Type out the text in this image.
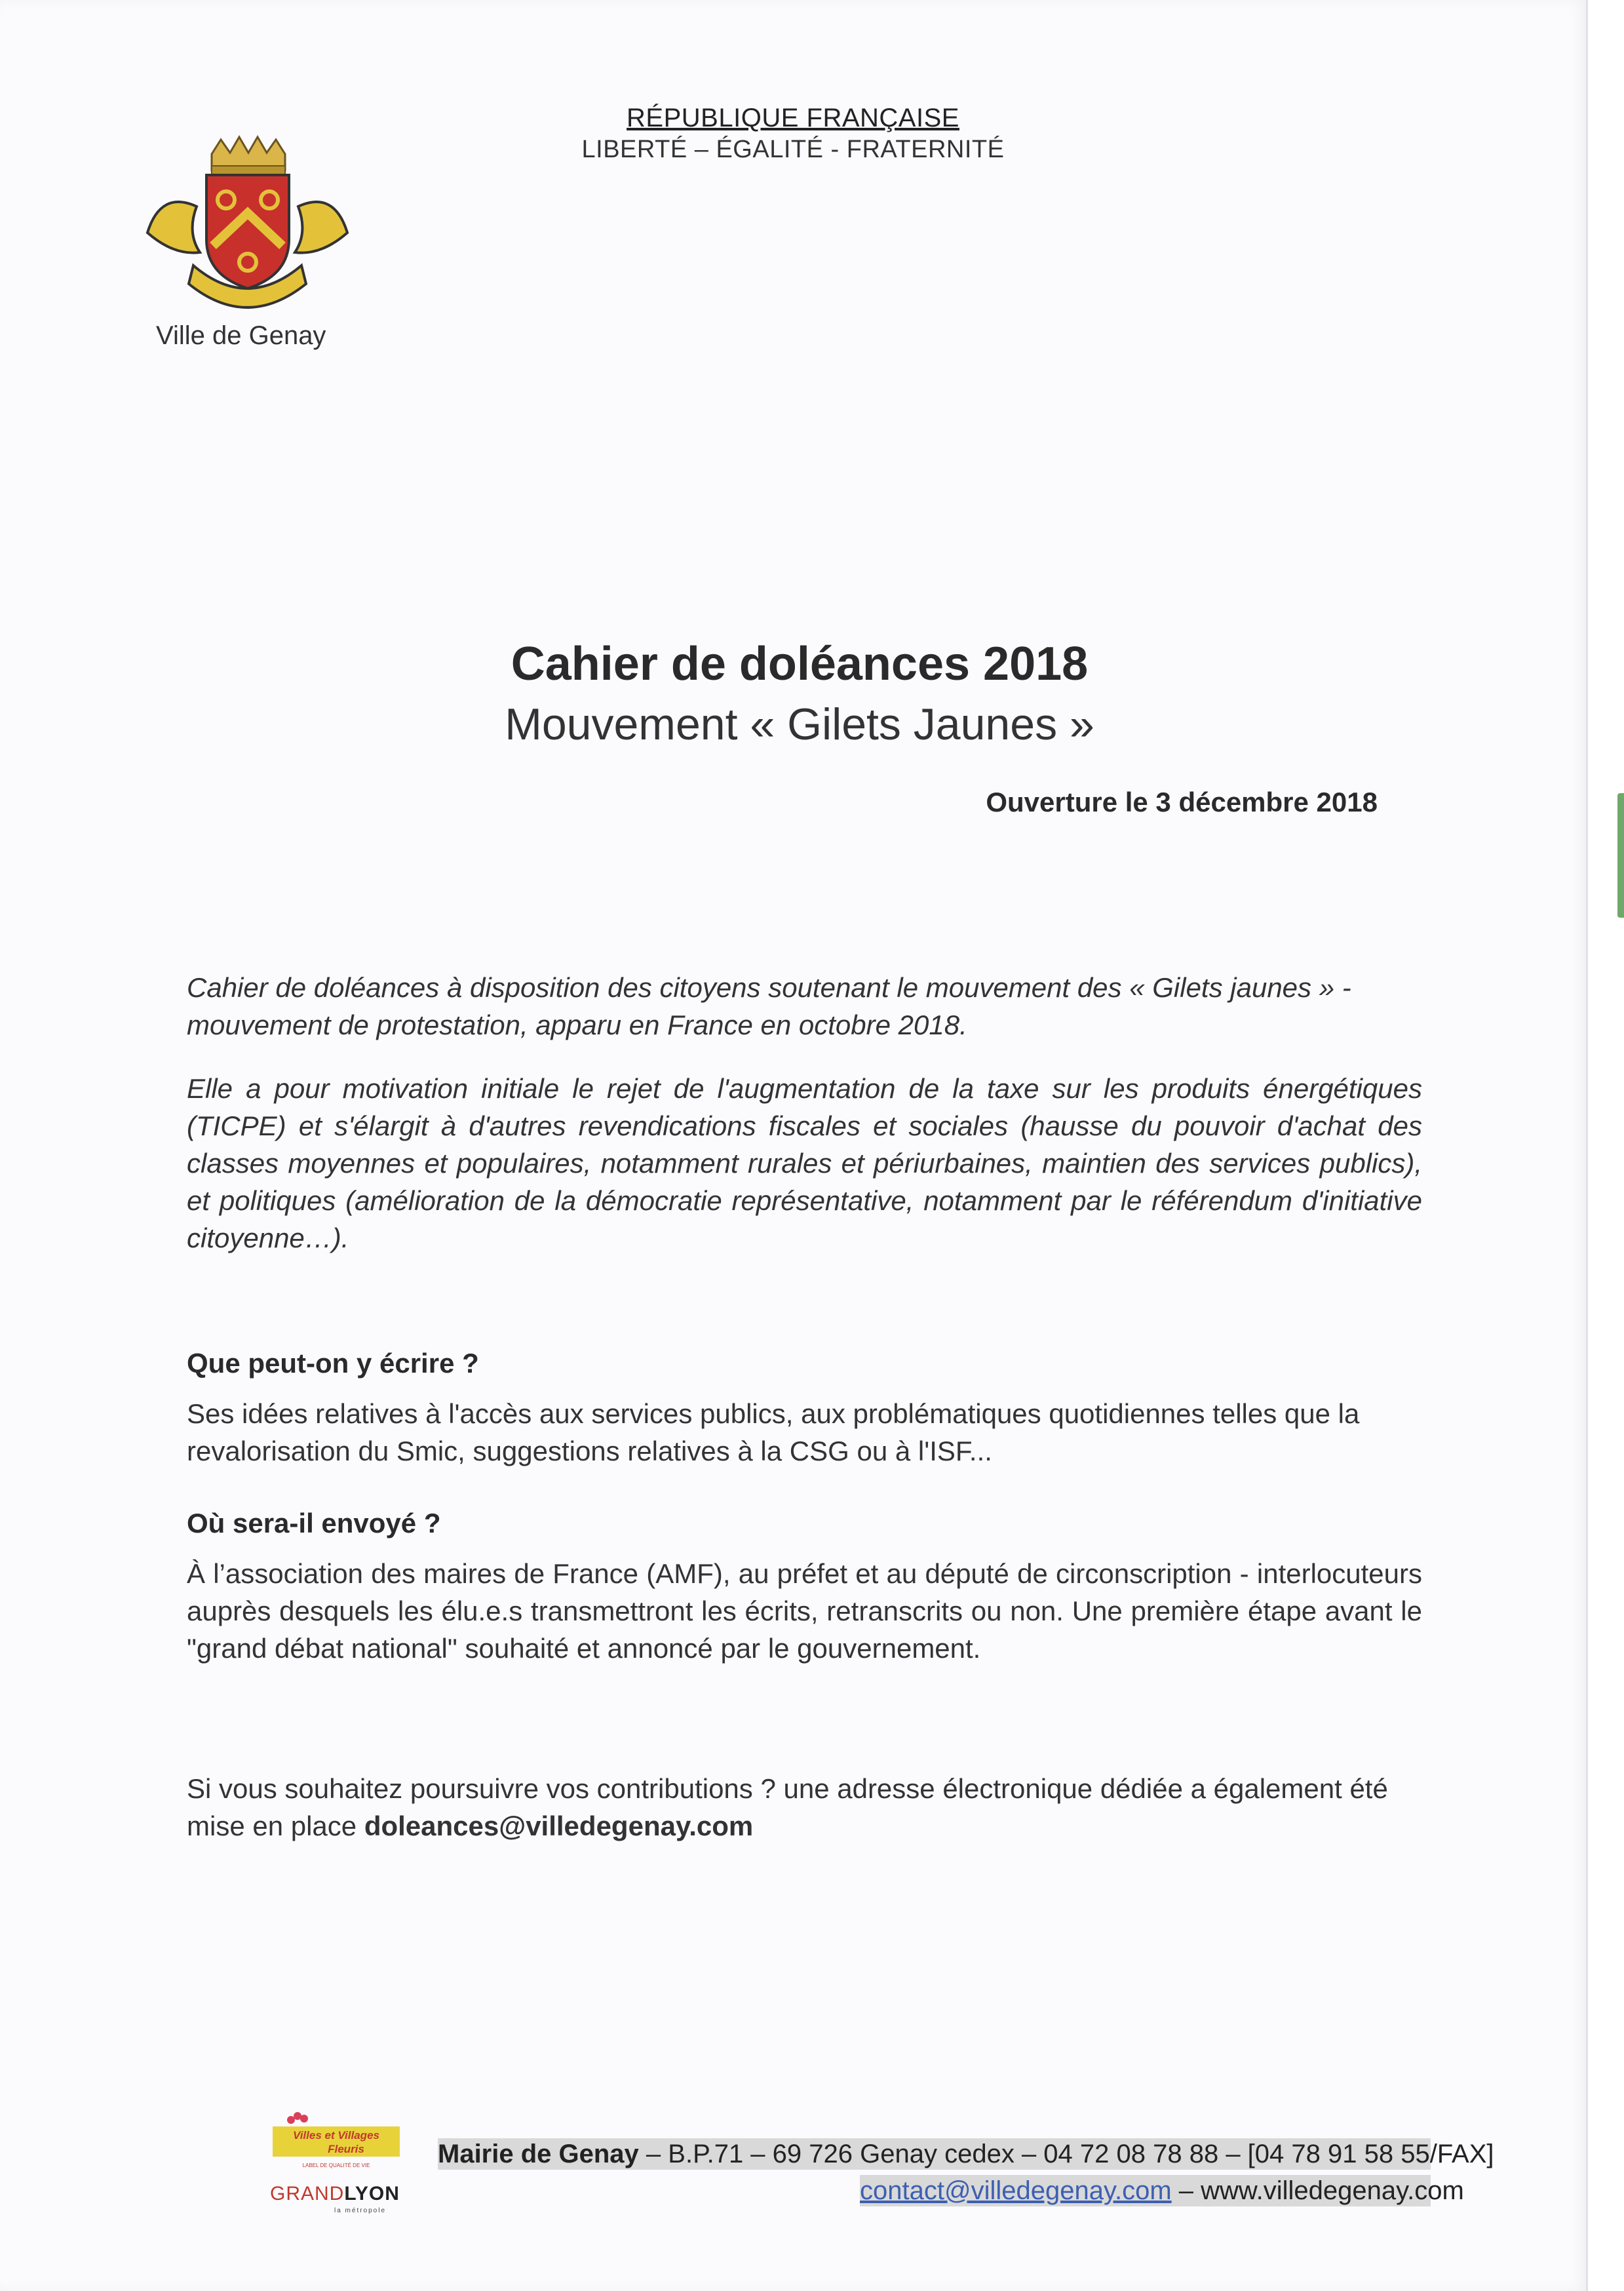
RÉPUBLIQUE FRANÇAISE
LIBERTÉ – ÉGALITÉ - FRATERNITÉ
Ville de Genay
Cahier de doléances 2018
Mouvement « Gilets Jaunes »
Ouverture le 3 décembre 2018

Cahier de doléances à disposition des citoyens soutenant le mouvement des « Gilets jaunes » - mouvement de protestation, apparu en France en octobre 2018.

Elle a pour motivation initiale le rejet de l'augmentation de la taxe sur les produits énergétiques (TICPE) et s'élargit à d'autres revendications fiscales et sociales (hausse du pouvoir d'achat des classes moyennes et populaires, notamment rurales et périurbaines, maintien des services publics), et politiques (amélioration de la démocratie représentative, notamment par le référendum d'initiative citoyenne…).

Que peut-on y écrire ?

Ses idées relatives à l'accès aux services publics, aux problématiques quotidiennes telles que la revalorisation du Smic, suggestions relatives à la CSG ou à l'ISF...

Où sera-il envoyé ?

À l’association des maires de France (AMF), au préfet et au député de circonscription - interlocuteurs auprès desquels les élu.e.s transmettront les écrits, retranscrits ou non. Une première étape avant le "grand débat national" souhaité et annoncé par le gouvernement.

Si vous souhaitez poursuivre vos contributions ? une adresse électronique dédiée a également été mise en place doleances@villedegenay.com

Villes et Villages
Fleuris
LABEL DE QUALITÉ DE VIE
GRANDLYON
la métropole
Mairie de Genay – B.P.71 – 69 726 Genay cedex – 04 72 08 78 88 – [04 78 91 58 55/FAX]
contact@villedegenay.com – www.villedegenay.com
